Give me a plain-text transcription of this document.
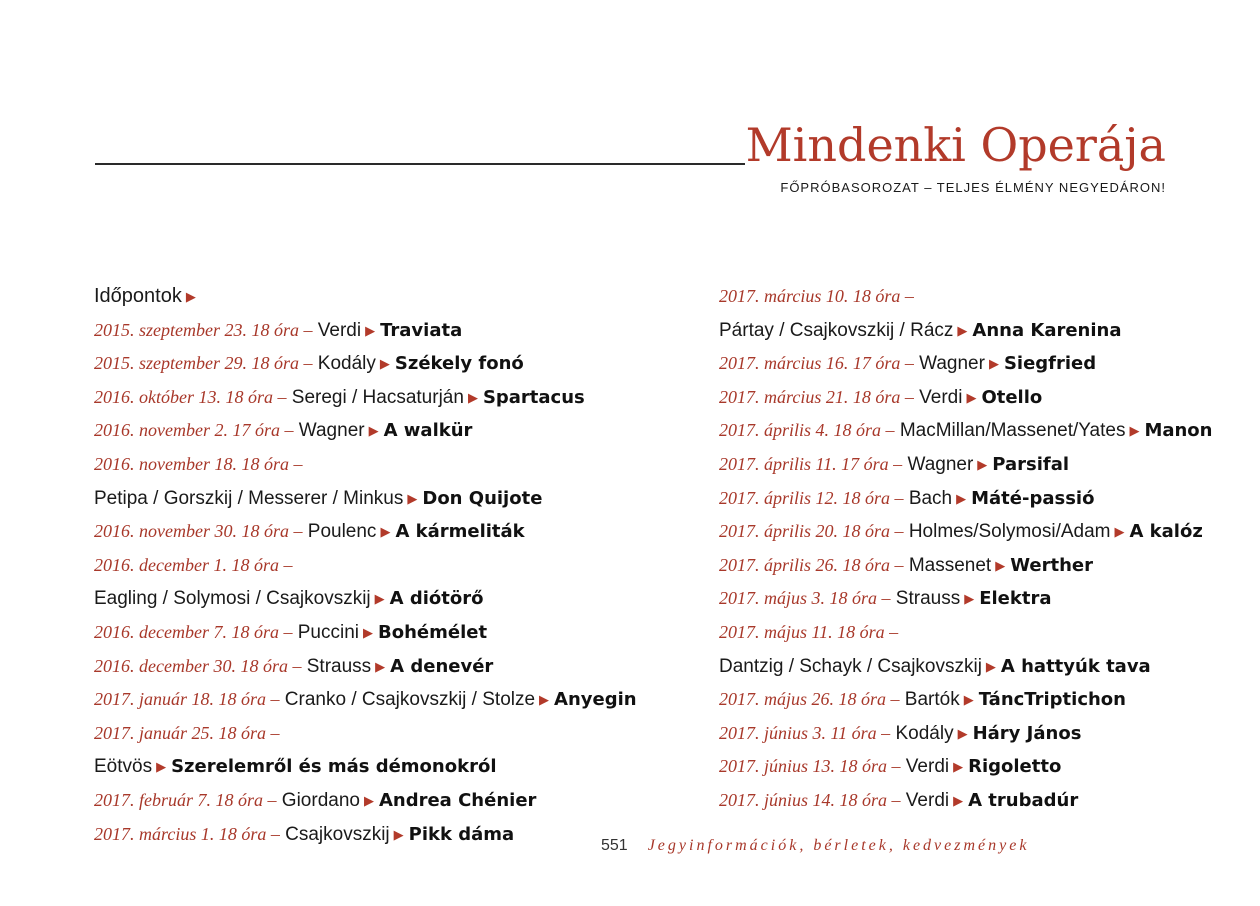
Mindenki Operája
FŐPRÓBASOROZAT – TELJES ÉLMÉNY NEGYEDÁRON!
Időpontok ▶
2015. szeptember 23. 18 óra – Verdi ▶ Traviata
2015. szeptember 29. 18 óra – Kodály ▶ Székely fonó
2016. október 13. 18 óra – Seregi / Hacsaturján ▶ Spartacus
2016. november 2. 17 óra – Wagner ▶ A walkür
2016. november 18. 18 óra –
Petipa / Gorszkij / Messerer / Minkus ▶ Don Quijote
2016. november 30. 18 óra – Poulenc ▶ A kármeliták
2016. december 1. 18 óra –
Eagling / Solymosi / Csajkovszkij ▶ A diótörő
2016. december 7. 18 óra – Puccini ▶ Bohémélet
2016. december 30. 18 óra – Strauss ▶ A denevér
2017. január 18. 18 óra – Cranko / Csajkovszkij / Stolze ▶ Anyegin
2017. január 25. 18 óra –
Eötvös ▶ Szerelemről és más démonokról
2017. február 7. 18 óra – Giordano ▶ Andrea Chénier
2017. március 1. 18 óra – Csajkovszkij ▶ Pikk dáma
2017. március 10. 18 óra –
Pártay / Csajkovszkij / Rácz ▶ Anna Karenina
2017. március 16. 17 óra – Wagner ▶ Siegfried
2017. március 21. 18 óra – Verdi ▶ Otello
2017. április 4. 18 óra – MacMillan/Massenet/Yates ▶ Manon
2017. április 11. 17 óra – Wagner ▶ Parsifal
2017. április 12. 18 óra – Bach ▶ Máté-passió
2017. április 20. 18 óra – Holmes/Solymosi/Adam ▶ A kalóz
2017. április 26. 18 óra – Massenet ▶ Werther
2017. május 3. 18 óra – Strauss ▶ Elektra
2017. május 11. 18 óra –
Dantzig / Schayk / Csajkovszkij ▶ A hattyúk tava
2017. május 26. 18 óra – Bartók ▶ TáncTriptichon
2017. június 3. 11 óra – Kodály ▶ Háry János
2017. június 13. 18 óra – Verdi ▶ Rigoletto
2017. június 14. 18 óra – Verdi ▶ A trubadúr
551 Jegyinformációk, bérletek, kedvezmények
